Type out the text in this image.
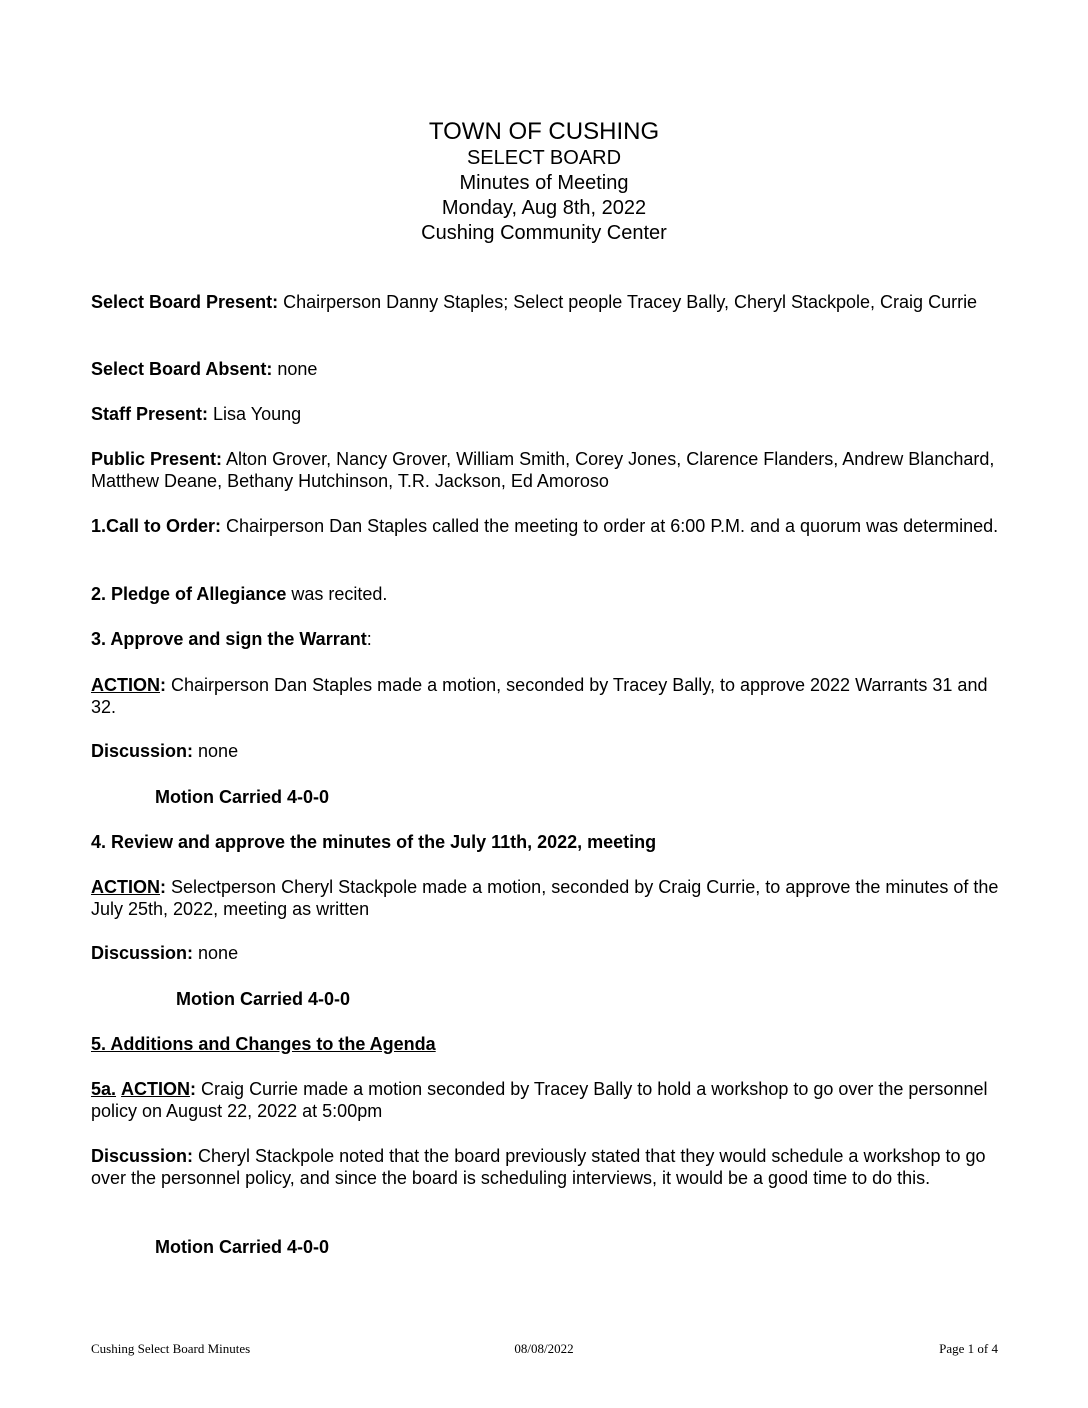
TOWN OF CUSHING
SELECT BOARD
Minutes of Meeting
Monday, Aug 8th, 2022
Cushing Community Center
Select Board Present: Chairperson Danny Staples; Select people Tracey Bally, Cheryl Stackpole, Craig Currie
Select Board Absent: none
Staff Present: Lisa Young
Public Present: Alton Grover, Nancy Grover, William Smith, Corey Jones, Clarence Flanders, Andrew Blanchard, Matthew Deane, Bethany Hutchinson, T.R. Jackson, Ed Amoroso
1.Call to Order: Chairperson Dan Staples called the meeting to order at 6:00 P.M. and a quorum was determined.
2. Pledge of Allegiance was recited.
3. Approve and sign the Warrant:
ACTION: Chairperson Dan Staples made a motion, seconded by Tracey Bally, to approve 2022 Warrants 31 and 32.
Discussion: none
Motion Carried 4-0-0
4. Review and approve the minutes of the July 11th, 2022, meeting
ACTION: Selectperson Cheryl Stackpole made a motion, seconded by Craig Currie, to approve the minutes of the July 25th, 2022, meeting as written
Discussion: none
Motion Carried 4-0-0
5. Additions and Changes to the Agenda
5a. ACTION: Craig Currie made a motion seconded by Tracey Bally to hold a workshop to go over the personnel policy on August 22, 2022 at 5:00pm
Discussion: Cheryl Stackpole noted that the board previously stated that they would schedule a workshop to go over the personnel policy, and since the board is scheduling interviews, it would be a good time to do this.
Motion Carried 4-0-0
Cushing Select Board Minutes	08/08/2022	Page 1 of 4
